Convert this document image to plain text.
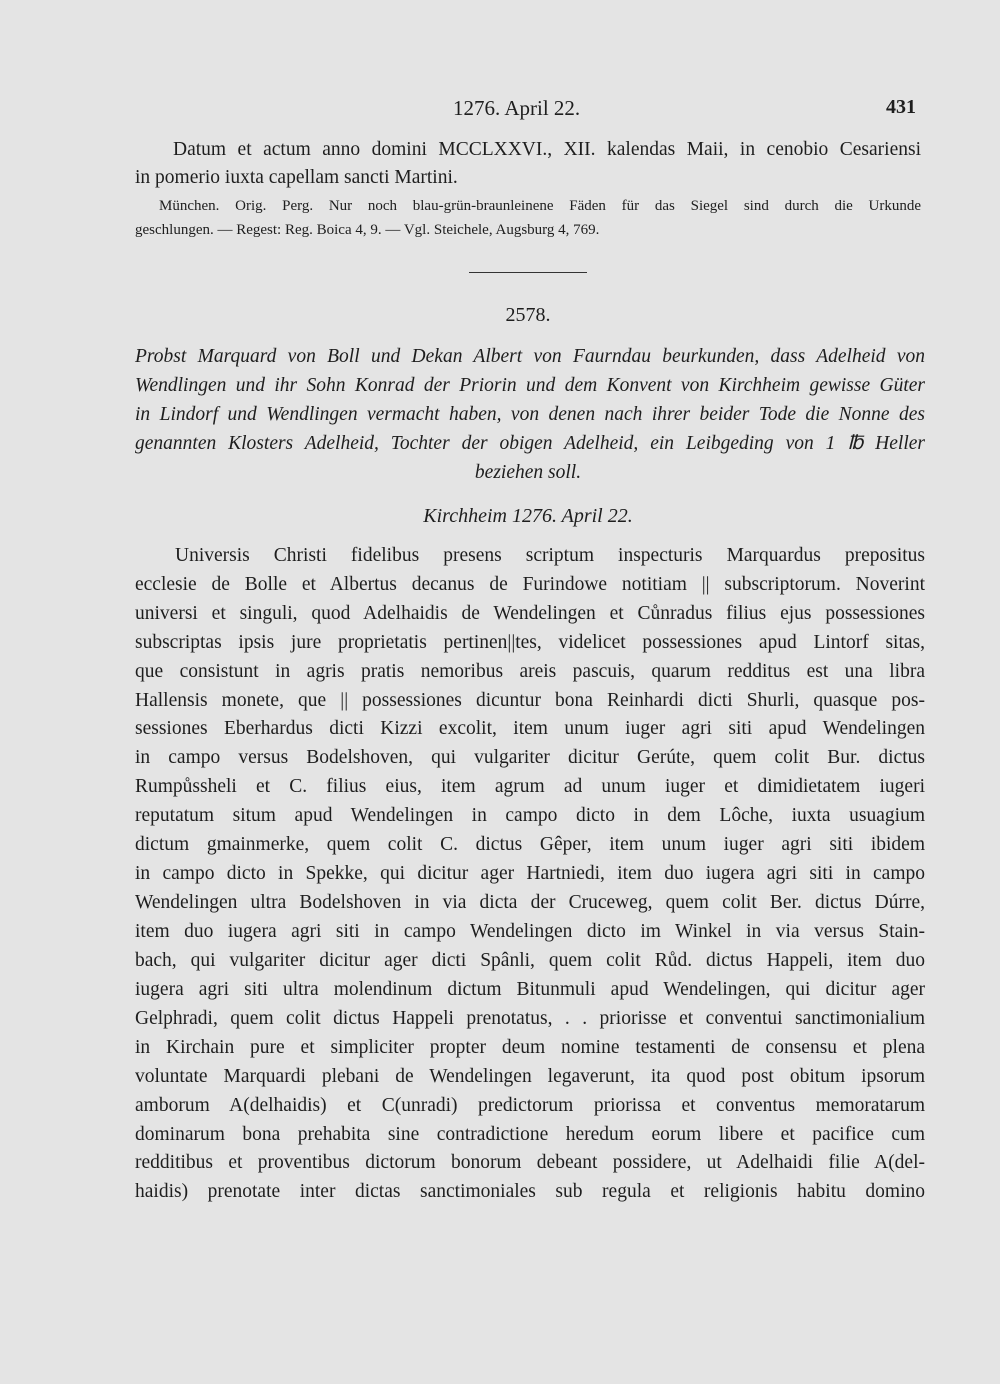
1276. April 22.	431
Datum et actum anno domini MCCLXXVI., XII. kalendas Maii, in cenobio Cesariensi
in pomerio iuxta capellam sancti Martini.
München. Orig. Perg. Nur noch blau-grün-braunleinene Fäden für das Siegel sind durch die Urkunde
geschlungen. — Regest: Reg. Boica 4, 9. — Vgl. Steichele, Augsburg 4, 769.
2578.
Probst Marquard von Boll und Dekan Albert von Faurndau beurkunden, dass Adelheid von
Wendlingen und ihr Sohn Konrad der Priorin und dem Konvent von Kirchheim gewisse Güter
in Lindorf und Wendlingen vermacht haben, von denen nach ihrer beider Tode die Nonne des
genannten Klosters Adelheid, Tochter der obigen Adelheid, ein Leibgeding von 1 ℔ Heller
beziehen soll.
Kirchheim 1276. April 22.
Universis Christi fidelibus presens scriptum inspecturis Marquardus prepositus
ecclesie de Bolle et Albertus decanus de Furindowe notitiam || subscriptorum. Noverint
universi et singuli, quod Adelhaidis de Wendelingen et Cůnradus filius ejus possessiones
subscriptas ipsis jure proprietatis pertinen||tes, videlicet possessiones apud Lintorf sitas,
que consistunt in agris pratis nemoribus areis pascuis, quarum redditus est una libra
Hallensis monete, que || possessiones dicuntur bona Reinhardi dicti Shurli, quasque pos-
sessiones Eberhardus dicti Kizzi excolit, item unum iuger agri siti apud Wendelingen
in campo versus Bodelshoven, qui vulgariter dicitur Gerúte, quem colit Bur. dictus
Rumpůssheli et C. filius eius, item agrum ad unum iuger et dimidietatem iugeri
reputatum situm apud Wendelingen in campo dicto in dem Lôche, iuxta usuagium
dictum gmainmerke, quem colit C. dictus Gêper, item unum iuger agri siti ibidem
in campo dicto in Spekke, qui dicitur ager Hartniedi, item duo iugera agri siti in campo
Wendelingen ultra Bodelshoven in via dicta der Cruceweg, quem colit Ber. dictus Dúrre,
item duo iugera agri siti in campo Wendelingen dicto im Winkel in via versus Stain-
bach, qui vulgariter dicitur ager dicti Spânli, quem colit Růd. dictus Happeli, item duo
iugera agri siti ultra molendinum dictum Bitunmuli apud Wendelingen, qui dicitur ager
Gelphradi, quem colit dictus Happeli prenotatus, . . priorisse et conventui sanctimonialium
in Kirchain pure et simpliciter propter deum nomine testamenti de consensu et plena
voluntate Marquardi plebani de Wendelingen legaverunt, ita quod post obitum ipsorum
amborum A(delhaidis) et C(unradi) predictorum priorissa et conventus memoratarum
dominarum bona prehabita sine contradictione heredum eorum libere et pacifice cum
redditibus et proventibus dictorum bonorum debeant possidere, ut Adelhaidi filie A(del-
haidis) prenotate inter dictas sanctimoniales sub regula et religionis habitu domino
